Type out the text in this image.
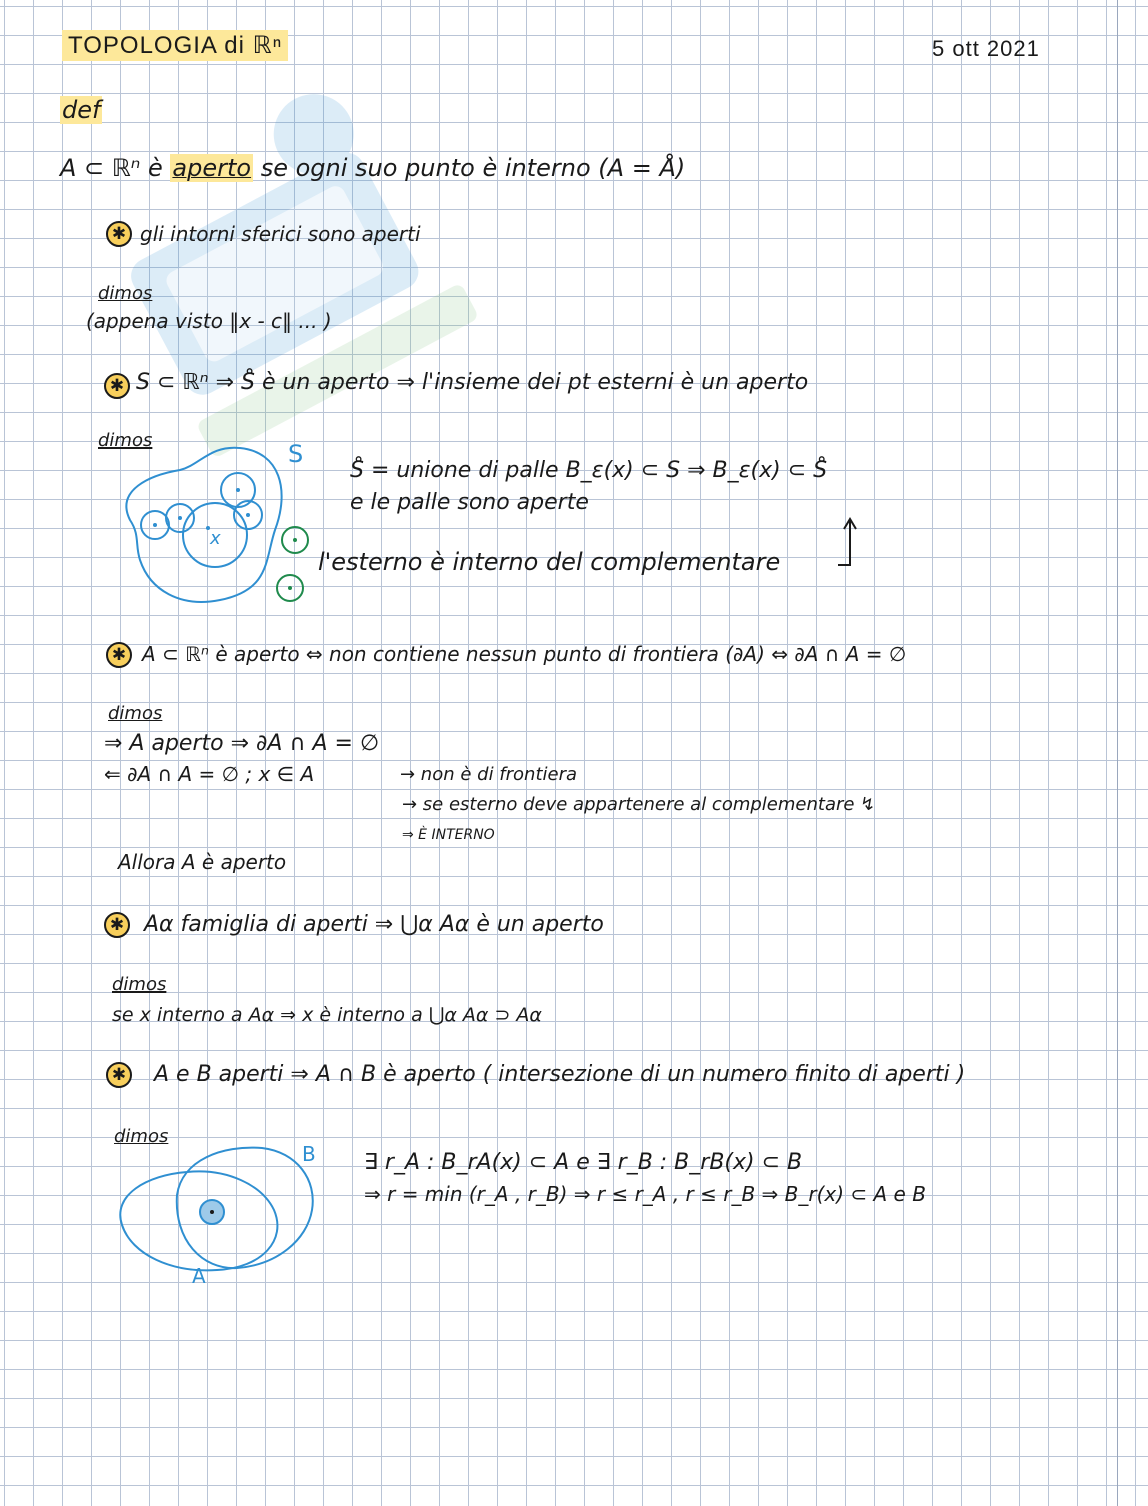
TOPOLOGIA di ℝⁿ	5 ott 2021
def
A ⊂ ℝⁿ è aperto se ogni suo punto è interno (A = Å)
✱ gli intorni sferici sono aperti
dimos
(appena visto ‖x - c‖ ... )
✱ S ⊂ ℝⁿ ⇒ S̊ è un aperto ⇒ l'insieme dei pt esterni è un aperto
dimos	S
x
S̊ = unione di palle B_ε(x) ⊂ S ⇒ B_ε(x) ⊂ S̊
e le palle sono aperte
l'esterno è interno del complementare
✱ A ⊂ ℝⁿ è aperto ⇔ non contiene nessun punto di frontiera (∂A) ⇔ ∂A ∩ A = ∅
dimos
⇒ A aperto ⇒ ∂A ∩ A = ∅
⇐ ∂A ∩ A = ∅ ; x ∈ A	→ non è di frontiera
→ se esterno deve appartenere al complementare ↯
⇒ È INTERNO
Allora A è aperto
✱ Aα famiglia di aperti ⇒ ⋃α Aα è un aperto
dimos
se x interno a Aα ⇒ x è interno a ⋃α Aα ⊃ Aα
✱ A e B aperti ⇒ A ∩ B è aperto ( intersezione di un numero finito di aperti )
dimos
B
A
∃ r_A : B_rA(x) ⊂ A e ∃ r_B : B_rB(x) ⊂ B
⇒ r = min (r_A , r_B) ⇒ r ≤ r_A , r ≤ r_B ⇒ B_r(x) ⊂ A e B
